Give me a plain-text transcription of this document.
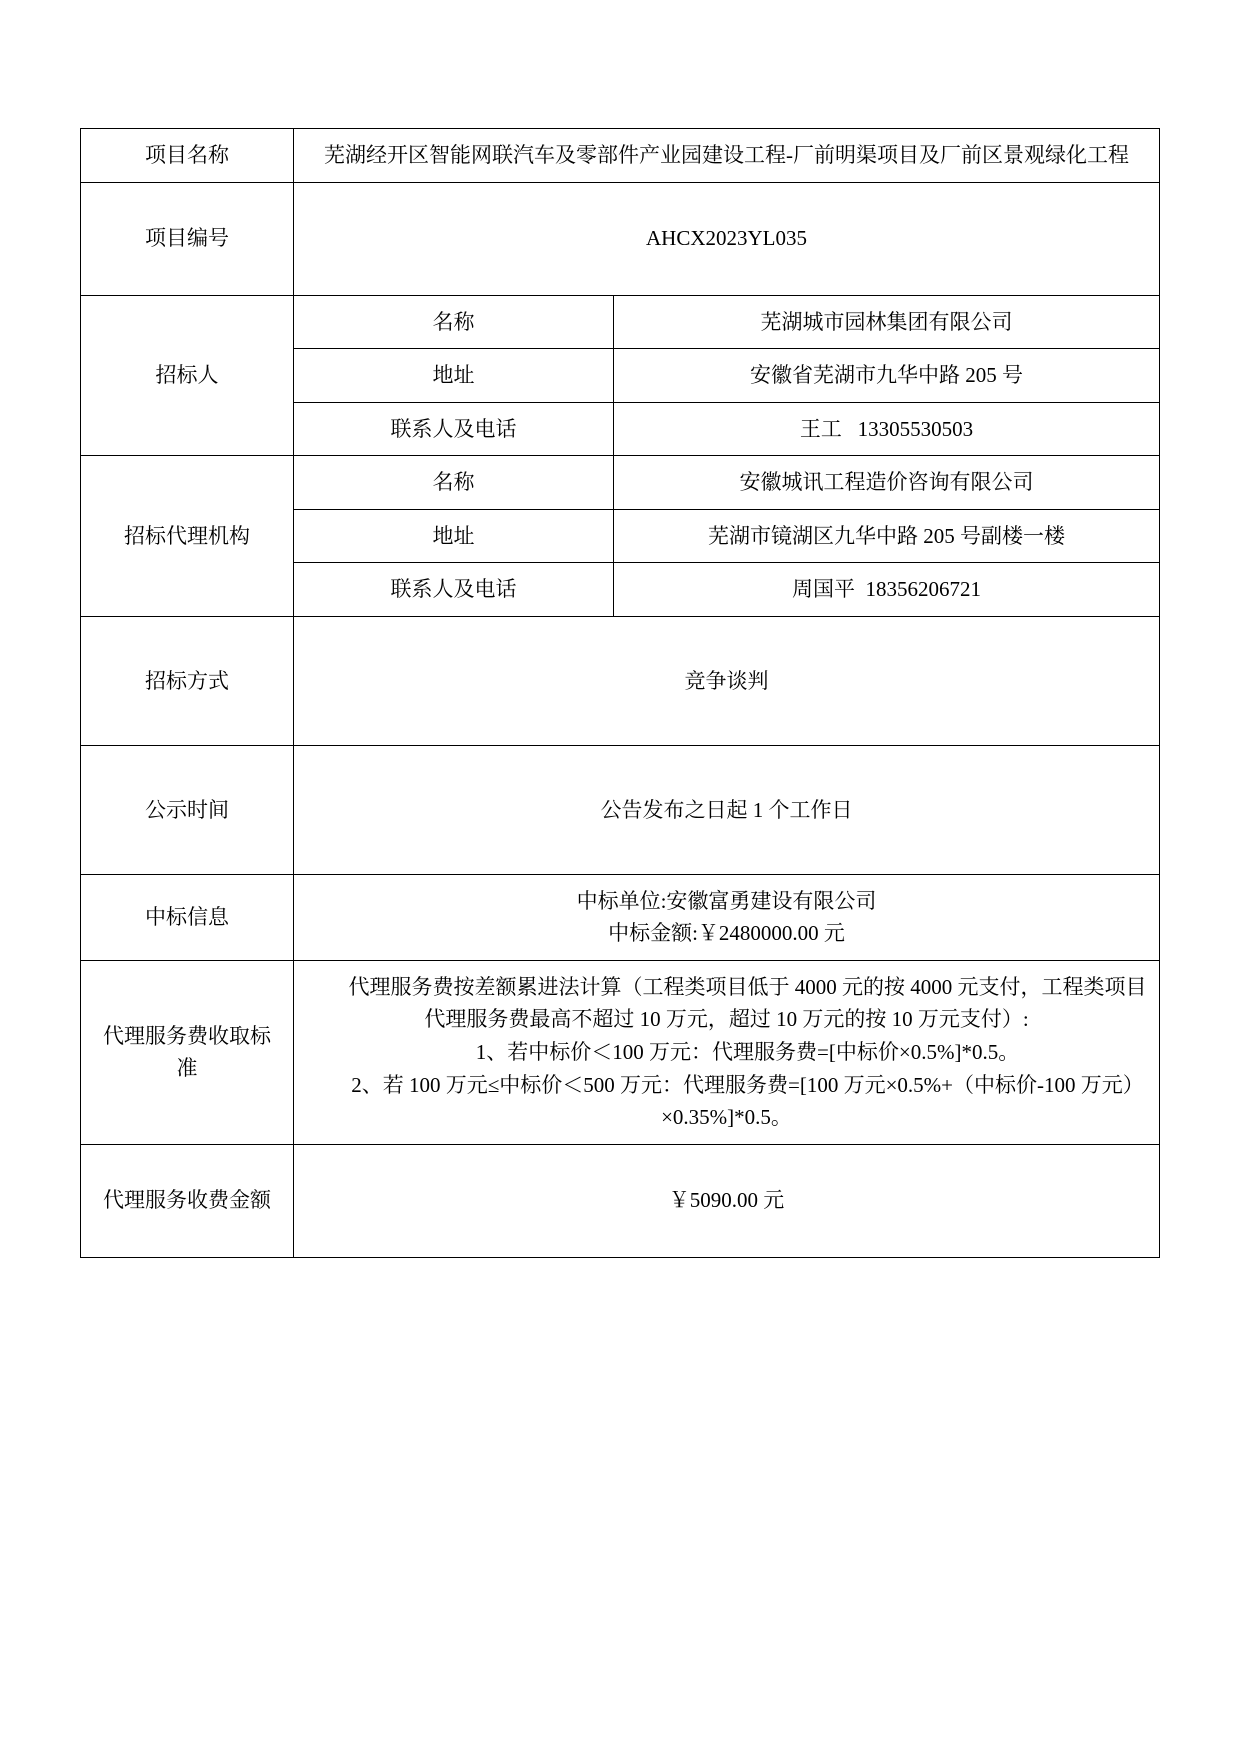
项目名称	芜湖经开区智能网联汽车及零部件产业园建设工程-厂前明渠项目及厂前区景观绿化工程	
项目编号	AHCX2023YL035	
招标人	名称	芜湖城市园林集团有限公司
	地址	安徽省芜湖市九华中路 205 号
	联系人及电话	王工   13305530503
招标代理机构	名称	安徽城讯工程造价咨询有限公司
	地址	芜湖市镜湖区九华中路 205 号副楼一楼
	联系人及电话	周国平  18356206721
招标方式	竞争谈判	
公示时间	公告发布之日起 1 个工作日	
中标信息	中标单位:安徽富勇建设有限公司
中标金额:￥2480000.00 元	

代理服务费收取标准	代理服务费按差额累进法计算（工程类项目低于 4000 元的按 4000 元支付，工程类项目代理服务费最高不超过 10 万元，超过 10 万元的按 10 万元支付）:

1、若中标价＜100 万元：代理服务费=[中标价×0.5%]*0.5。

2、若 100 万元≤中标价＜500 万元：代理服务费=[100 万元×0.5%+（中标价-100 万元）×0.35%]*0.5。	

代理服务收费金额	￥5090.00 元	
